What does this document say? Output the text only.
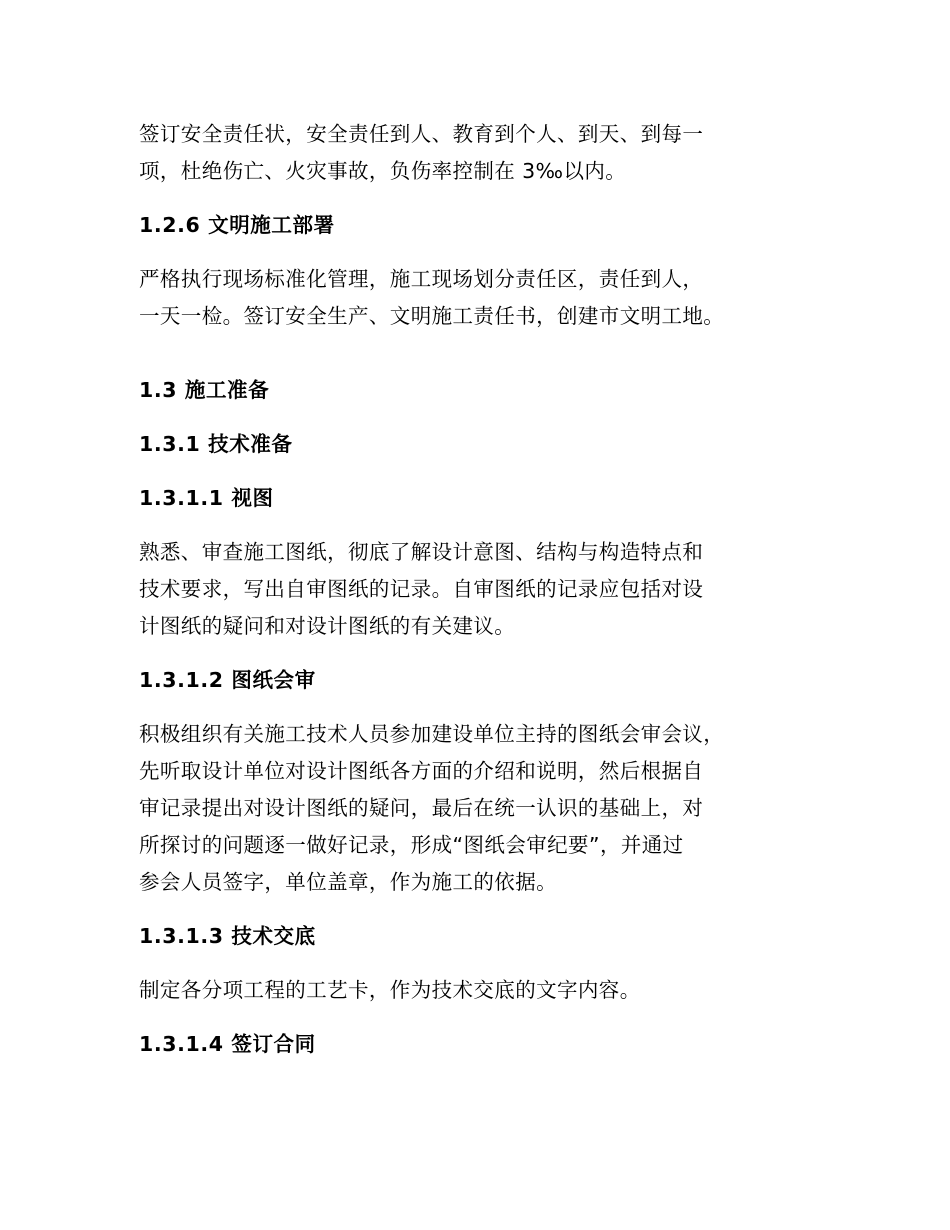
签订安全责任状，安全责任到人、教育到个人、到天、到每一
项，杜绝伤亡、火灾事故，负伤率控制在 3‰以内。

1.2.6 文明施工部署

严格执行现场标准化管理，施工现场划分责任区，责任到人，
一天一检。签订安全生产、文明施工责任书，创建市文明工地。

1.3 施工准备
1.3.1 技术准备
1.3.1.1 视图

熟悉、审查施工图纸，彻底了解设计意图、结构与构造特点和
技术要求，写出自审图纸的记录。自审图纸的记录应包括对设
计图纸的疑问和对设计图纸的有关建议。

1.3.1.2 图纸会审

积极组织有关施工技术人员参加建设单位主持的图纸会审会议，
先听取设计单位对设计图纸各方面的介绍和说明，然后根据自
审记录提出对设计图纸的疑问，最后在统一认识的基础上，对
所探讨的问题逐一做好记录，形成“图纸会审纪要”，并通过
参会人员签字，单位盖章，作为施工的依据。

1.3.1.3 技术交底

制定各分项工程的工艺卡，作为技术交底的文字内容。

1.3.1.4 签订合同
